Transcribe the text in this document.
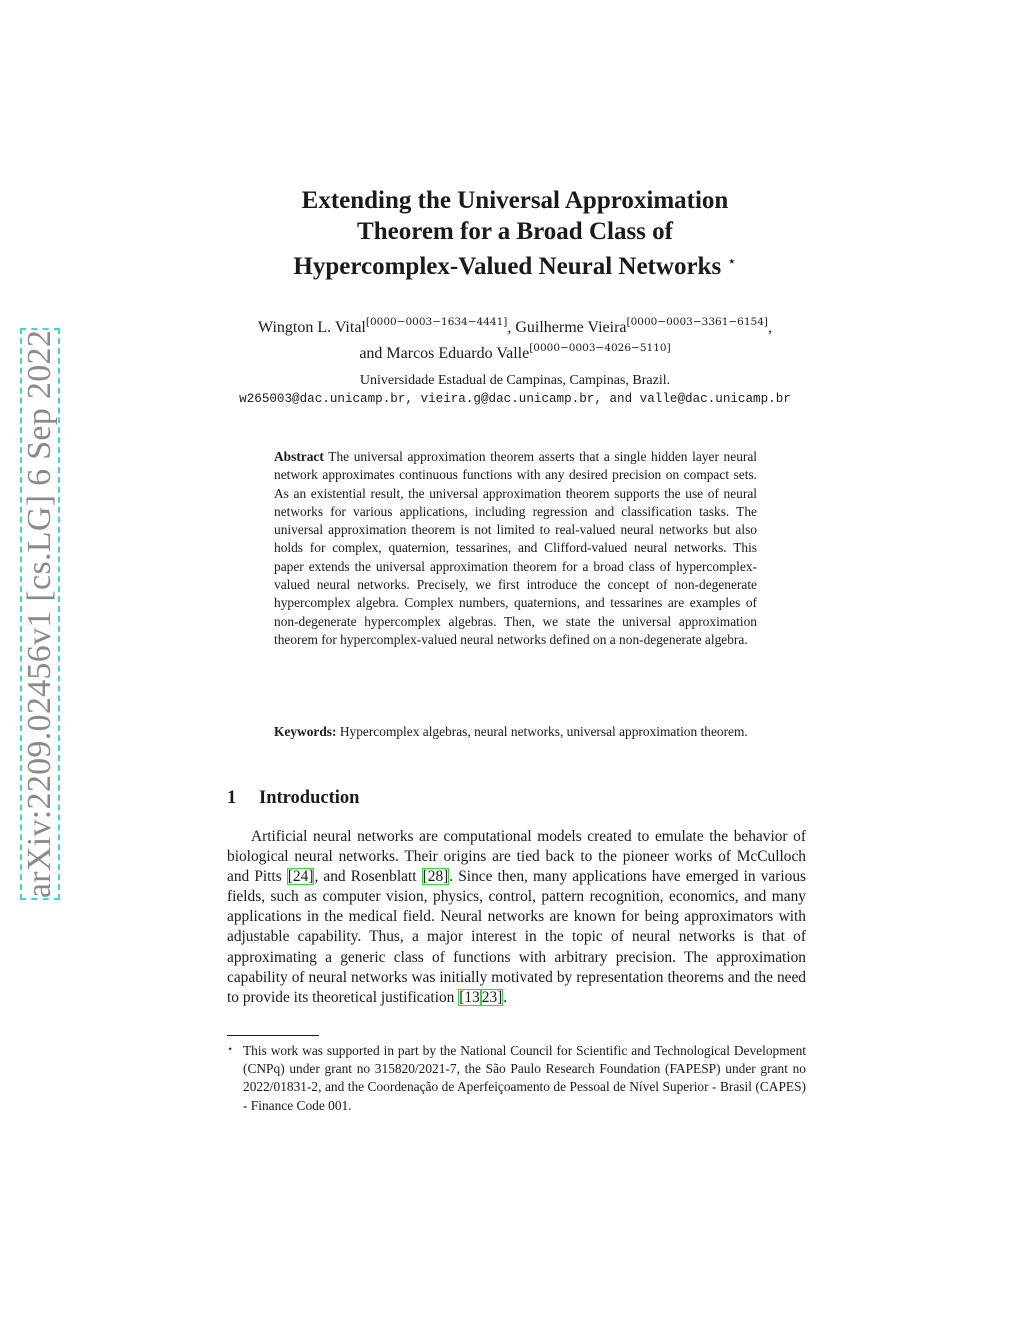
arXiv:2209.02456v1 [cs.LG] 6 Sep 2022
Extending the Universal Approximation
Theorem for a Broad Class of
Hypercomplex-Valued Neural Networks ⋆
Wington L. Vital[0000−0003−1634−4441], Guilherme Vieira[0000−0003−3361−6154],
and Marcos Eduardo Valle[0000−0003−4026−5110]
Universidade Estadual de Campinas, Campinas, Brazil.
w265003@dac.unicamp.br, vieira.g@dac.unicamp.br, and valle@dac.unicamp.br
Abstract The universal approximation theorem asserts that a single hidden layer neural network approximates continuous functions with any desired precision on compact sets. As an existential result, the universal approximation theorem supports the use of neural networks for various applications, including regression and classification tasks. The universal approximation theorem is not limited to real-valued neural networks but also holds for complex, quaternion, tessarines, and Clifford-valued neural networks. This paper extends the universal approximation theorem for a broad class of hypercomplex-valued neural networks. Precisely, we first introduce the concept of non-degenerate hypercomplex algebra. Complex numbers, quaternions, and tessarines are examples of non-degenerate hypercomplex algebras. Then, we state the universal approximation theorem for hypercomplex-valued neural networks defined on a non-degenerate algebra.
Keywords: Hypercomplex algebras, neural networks, universal approximation theorem.
1 Introduction
Artificial neural networks are computational models created to emulate the behavior of biological neural networks. Their origins are tied back to the pioneer works of McCulloch and Pitts [24], and Rosenblatt [28]. Since then, many applications have emerged in various fields, such as computer vision, physics, control, pattern recognition, economics, and many applications in the medical field. Neural networks are known for being approximators with adjustable capability. Thus, a major interest in the topic of neural networks is that of approximating a generic class of functions with arbitrary precision. The approximation capability of neural networks was initially motivated by representation theorems and the need to provide its theoretical justification [13 23].
⋆ This work was supported in part by the National Council for Scientific and Technological Development (CNPq) under grant no 315820/2021-7, the São Paulo Research Foundation (FAPESP) under grant no 2022/01831-2, and the Coordenação de Aperfeiçoamento de Pessoal de Nível Superior - Brasil (CAPES) - Finance Code 001.
